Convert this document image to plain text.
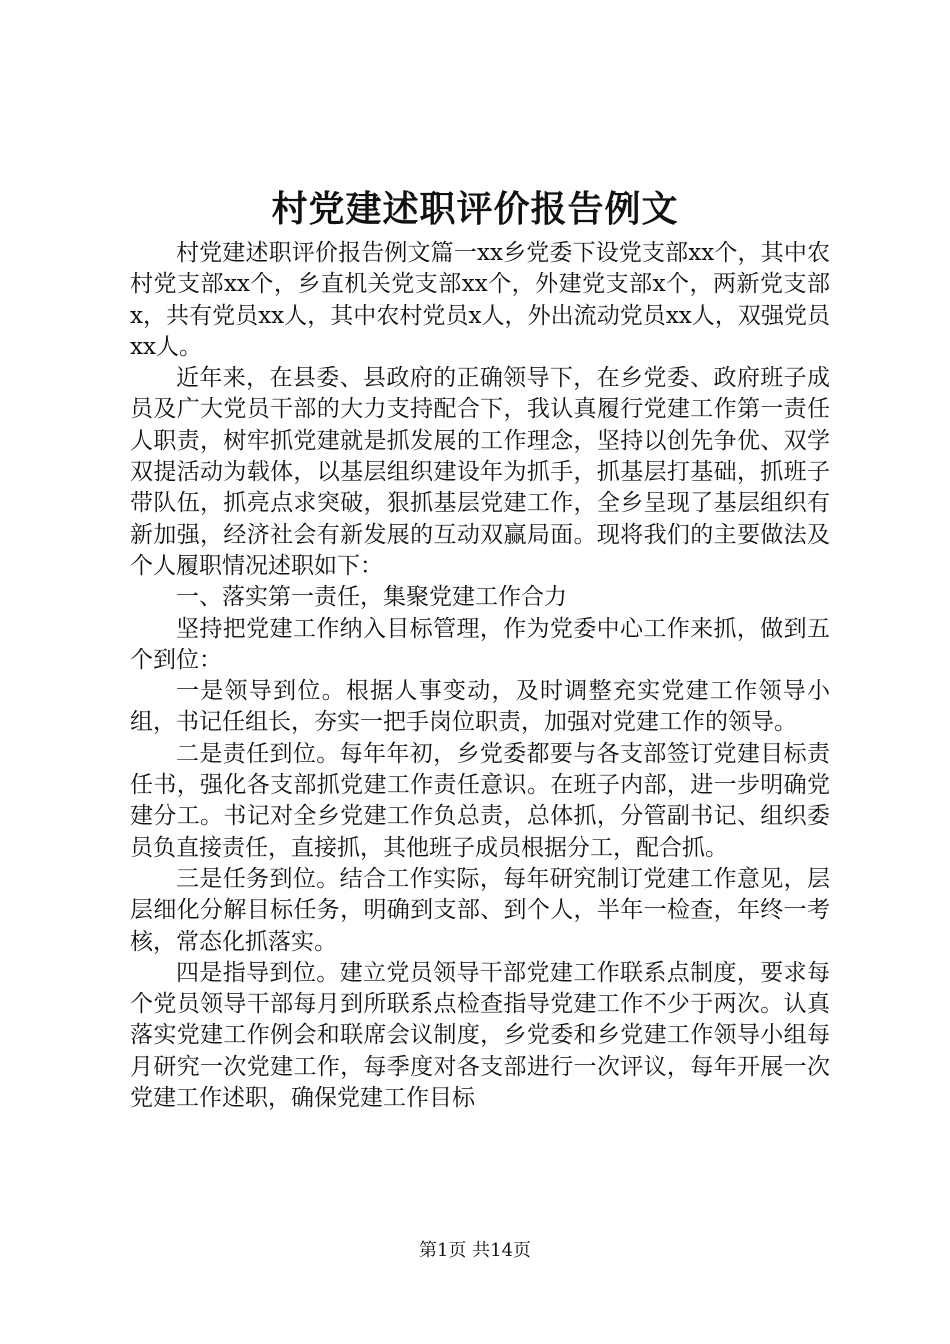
村党建述职评价报告例文

村党建述职评价报告例文篇一xx乡党委下设党支部xx个，其中农村党支部xx个，乡直机关党支部xx个，外建党支部x个，两新党支部x，共有党员xx人，其中农村党员x人，外出流动党员xx人，双强党员xx人。

近年来，在县委、县政府的正确领导下，在乡党委、政府班子成员及广大党员干部的大力支持配合下，我认真履行党建工作第一责任人职责，树牢抓党建就是抓发展的工作理念，坚持以创先争优、双学双提活动为载体，以基层组织建设年为抓手，抓基层打基础，抓班子带队伍，抓亮点求突破，狠抓基层党建工作，全乡呈现了基层组织有新加强，经济社会有新发展的互动双赢局面。现将我们的主要做法及个人履职情况述职如下：

一、落实第一责任，集聚党建工作合力

坚持把党建工作纳入目标管理，作为党委中心工作来抓，做到五个到位：

一是领导到位。根据人事变动，及时调整充实党建工作领导小组，书记任组长，夯实一把手岗位职责，加强对党建工作的领导。

二是责任到位。每年年初，乡党委都要与各支部签订党建目标责任书，强化各支部抓党建工作责任意识。在班子内部，进一步明确党建分工。书记对全乡党建工作负总责，总体抓，分管副书记、组织委员负直接责任，直接抓，其他班子成员根据分工，配合抓。

三是任务到位。结合工作实际，每年研究制订党建工作意见，层层细化分解目标任务，明确到支部、到个人，半年一检查，年终一考核，常态化抓落实。

四是指导到位。建立党员领导干部党建工作联系点制度，要求每个党员领导干部每月到所联系点检查指导党建工作不少于两次。认真落实党建工作例会和联席会议制度，乡党委和乡党建工作领导小组每月研究一次党建工作，每季度对各支部进行一次评议，每年开展一次党建工作述职，确保党建工作目标

第1页 共14页
